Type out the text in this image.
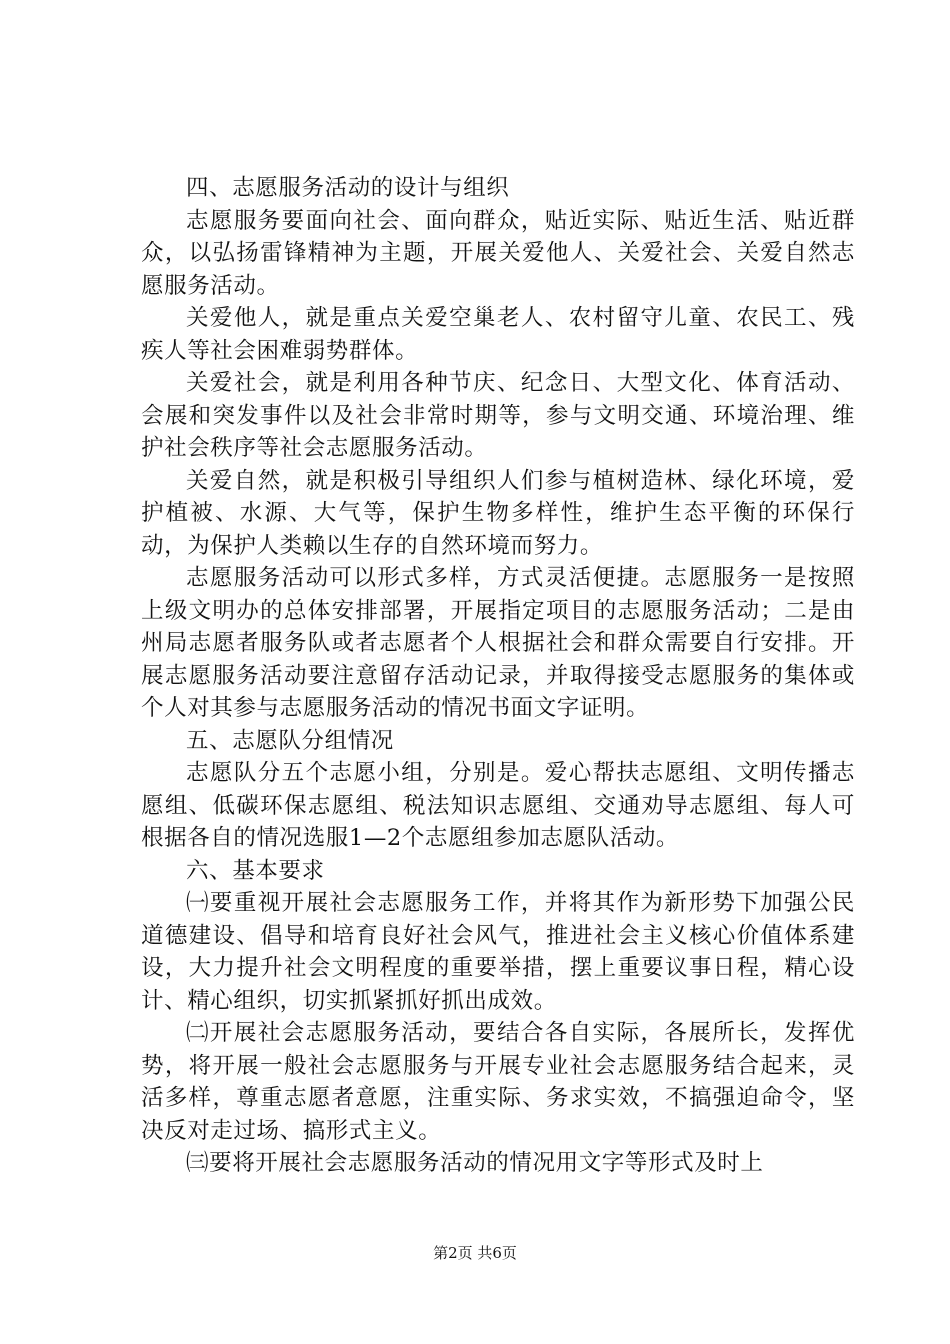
四、志愿服务活动的设计与组织

志愿服务要面向社会、面向群众，贴近实际、贴近生活、贴近群众，以弘扬雷锋精神为主题，开展关爱他人、关爱社会、关爱自然志愿服务活动。

关爱他人，就是重点关爱空巢老人、农村留守儿童、农民工、残疾人等社会困难弱势群体。

关爱社会，就是利用各种节庆、纪念日、大型文化、体育活动、会展和突发事件以及社会非常时期等，参与文明交通、环境治理、维护社会秩序等社会志愿服务活动。

关爱自然，就是积极引导组织人们参与植树造林、绿化环境，爱护植被、水源、大气等，保护生物多样性，维护生态平衡的环保行动，为保护人类赖以生存的自然环境而努力。

志愿服务活动可以形式多样，方式灵活便捷。志愿服务一是按照上级文明办的总体安排部署，开展指定项目的志愿服务活动；二是由州局志愿者服务队或者志愿者个人根据社会和群众需要自行安排。开展志愿服务活动要注意留存活动记录，并取得接受志愿服务的集体或个人对其参与志愿服务活动的情况书面文字证明。

五、志愿队分组情况

志愿队分五个志愿小组，分别是。爱心帮扶志愿组、文明传播志愿组、低碳环保志愿组、税法知识志愿组、交通劝导志愿组、每人可根据各自的情况选服1—2个志愿组参加志愿队活动。

六、基本要求

㈠要重视开展社会志愿服务工作，并将其作为新形势下加强公民道德建设、倡导和培育良好社会风气，推进社会主义核心价值体系建设，大力提升社会文明程度的重要举措，摆上重要议事日程，精心设计、精心组织，切实抓紧抓好抓出成效。

㈡开展社会志愿服务活动，要结合各自实际，各展所长，发挥优势，将开展一般社会志愿服务与开展专业社会志愿服务结合起来，灵活多样，尊重志愿者意愿，注重实际、务求实效，不搞强迫命令，坚决反对走过场、搞形式主义。

㈢要将开展社会志愿服务活动的情况用文字等形式及时上

第2页 共6页
